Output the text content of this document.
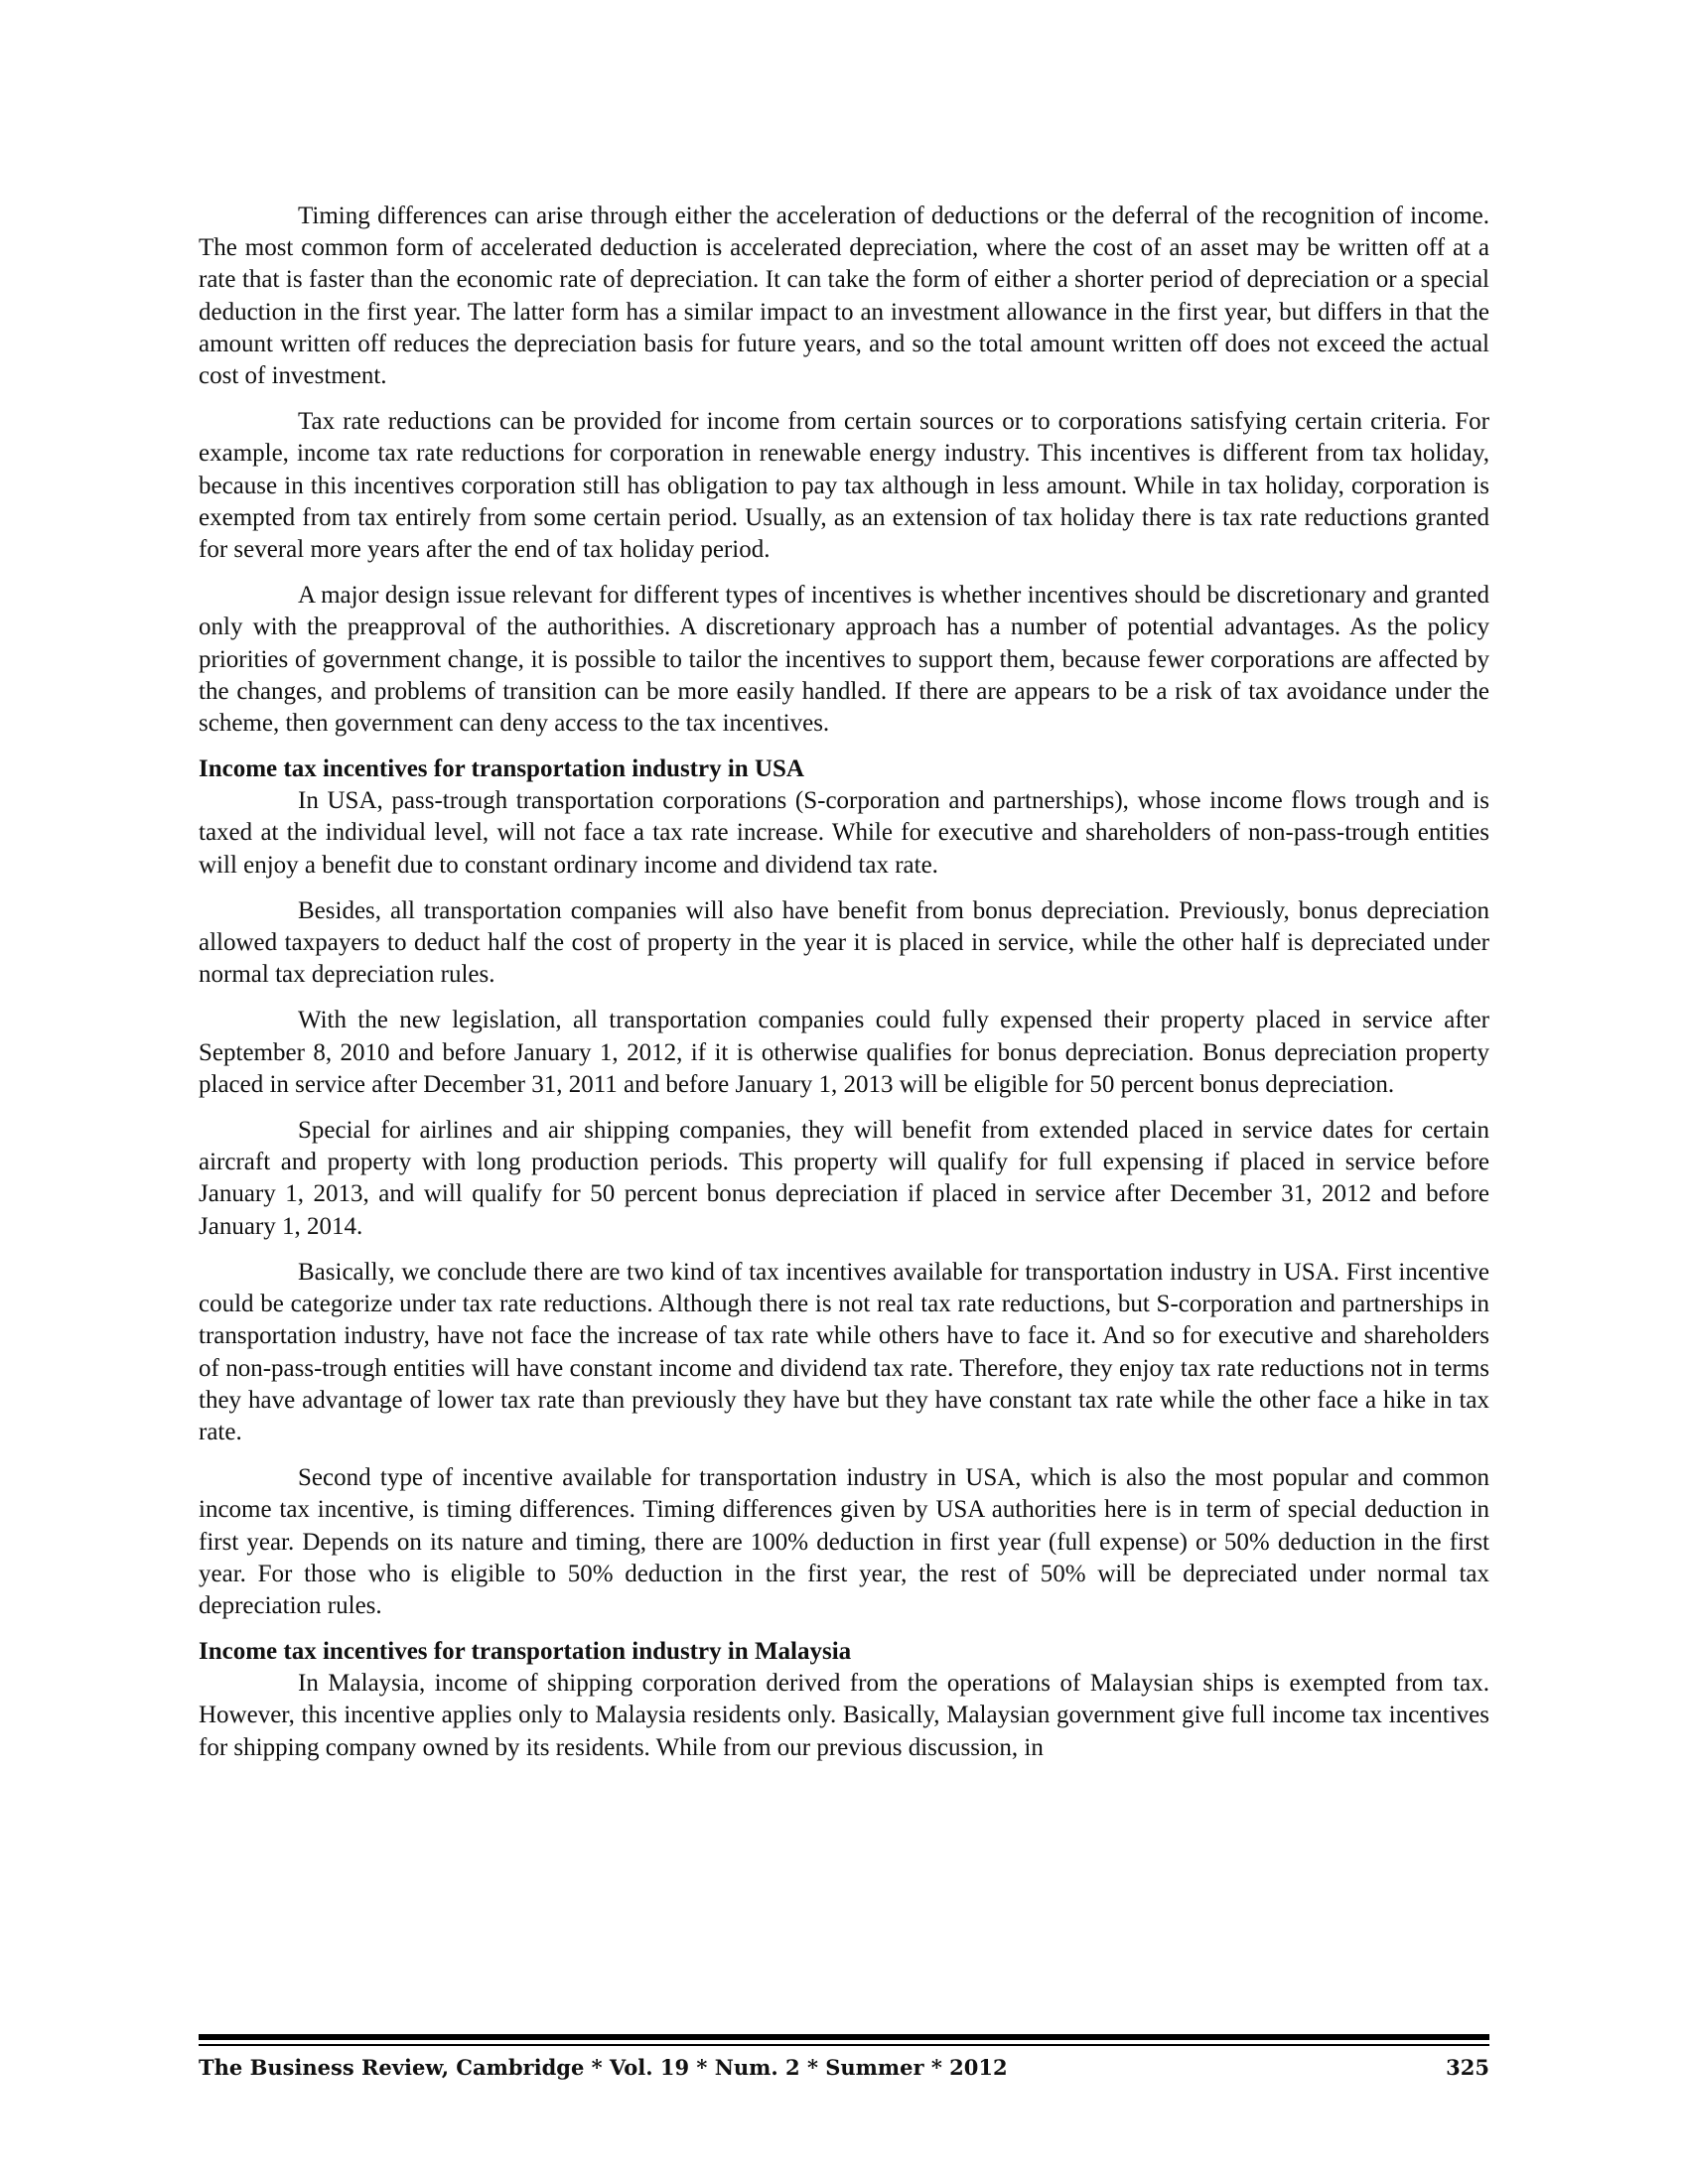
Timing differences can arise through either the acceleration of deductions or the deferral of the recognition of income. The most common form of accelerated deduction is accelerated depreciation, where the cost of an asset may be written off at a rate that is faster than the economic rate of depreciation. It can take the form of either a shorter period of depreciation or a special deduction in the first year. The latter form has a similar impact to an investment allowance in the first year, but differs in that the amount written off reduces the depreciation basis for future years, and so the total amount written off does not exceed the actual cost of investment.

Tax rate reductions can be provided for income from certain sources or to corporations satisfying certain criteria. For example, income tax rate reductions for corporation in renewable energy industry. This incentives is different from tax holiday, because in this incentives corporation still has obligation to pay tax although in less amount. While in tax holiday, corporation is exempted from tax entirely from some certain period. Usually, as an extension of tax holiday there is tax rate reductions granted for several more years after the end of tax holiday period.

A major design issue relevant for different types of incentives is whether incentives should be discretionary and granted only with the preapproval of the authorithies. A discretionary approach has a number of potential advantages. As the policy priorities of government change, it is possible to tailor the incentives to support them, because fewer corporations are affected by the changes, and problems of transition can be more easily handled. If there are appears to be a risk of tax avoidance under the scheme, then government can deny access to the tax incentives.

Income tax incentives for transportation industry in USA

In USA, pass-trough transportation corporations (S-corporation and partnerships), whose income flows trough and is taxed at the individual level, will not face a tax rate increase. While for executive and shareholders of non-pass-trough entities will enjoy a benefit due to constant ordinary income and dividend tax rate.

Besides, all transportation companies will also have benefit from bonus depreciation. Previously, bonus depreciation allowed taxpayers to deduct half the cost of property in the year it is placed in service, while the other half is depreciated under normal tax depreciation rules.

With the new legislation, all transportation companies could fully expensed their property placed in service after September 8, 2010 and before January 1, 2012, if it is otherwise qualifies for bonus depreciation. Bonus depreciation property placed in service after December 31, 2011 and before January 1, 2013 will be eligible for 50 percent bonus depreciation.

Special for airlines and air shipping companies, they will benefit from extended placed in service dates for certain aircraft and property with long production periods. This property will qualify for full expensing if placed in service before January 1, 2013, and will qualify for 50 percent bonus depreciation if placed in service after December 31, 2012 and before January 1, 2014.

Basically, we conclude there are two kind of tax incentives available for transportation industry in USA. First incentive could be categorize under tax rate reductions. Although there is not real tax rate reductions, but S-corporation and partnerships in transportation industry, have not face the increase of tax rate while others have to face it. And so for executive and shareholders of non-pass-trough entities will have constant income and dividend tax rate. Therefore, they enjoy tax rate reductions not in terms they have advantage of lower tax rate than previously they have but they have constant tax rate while the other face a hike in tax rate.

Second type of incentive available for transportation industry in USA, which is also the most popular and common income tax incentive, is timing differences. Timing differences given by USA authorities here is in term of special deduction in first year. Depends on its nature and timing, there are 100% deduction in first year (full expense) or 50% deduction in the first year. For those who is eligible to 50% deduction in the first year, the rest of 50% will be depreciated under normal tax depreciation rules.

Income tax incentives for transportation industry in Malaysia

In Malaysia, income of shipping corporation derived from the operations of Malaysian ships is exempted from tax. However, this incentive applies only to Malaysia residents only. Basically, Malaysian government give full income tax incentives for shipping company owned by its residents. While from our previous discussion, in

The Business Review, Cambridge * Vol. 19 * Num. 2 * Summer * 2012	325
